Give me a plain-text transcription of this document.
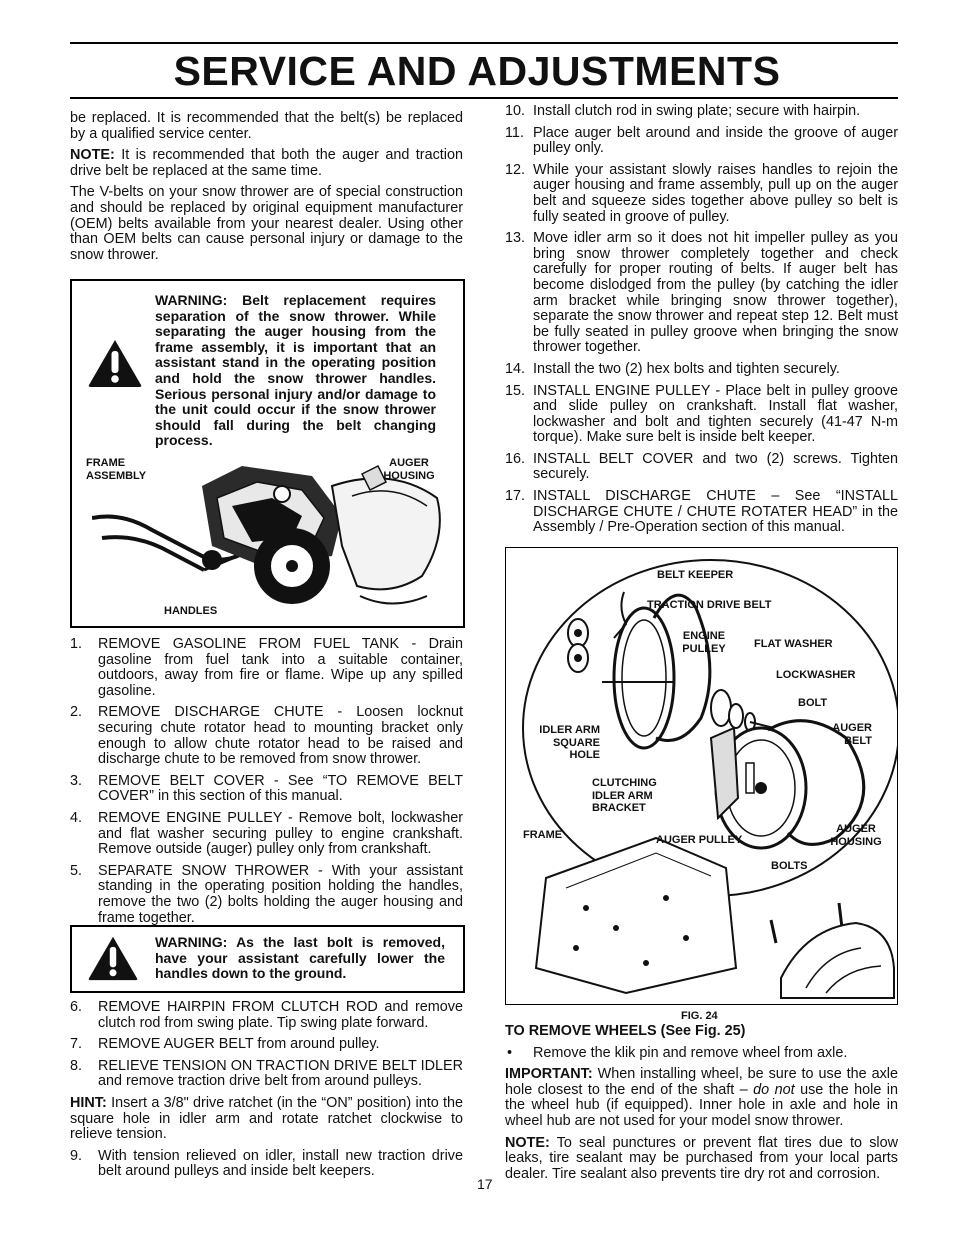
SERVICE AND ADJUSTMENTS

be replaced. It is recommended that the belt(s) be replaced by a qualified service center.

NOTE: It is recommended that both the auger and traction drive belt be replaced at the same time.

The V-belts on your snow thrower are of special construction and should be replaced by original equipment manufacturer (OEM) belts available from your nearest dealer. Using other than OEM belts can cause personal injury or damage to the snow thrower.

WARNING: Belt replacement requires separation of the snow thrower. While separating the auger housing from the frame assembly, it is important that an assistant stand in the operating position and hold the snow thrower handles. Serious personal injury and/or damage to the unit could occur if the snow thrower should fall during the belt changing process.
FRAME ASSEMBLY
AUGER HOUSING
HANDLES
1. REMOVE GASOLINE FROM FUEL TANK - Drain gasoline from fuel tank into a suitable container, outdoors, away from fire or flame. Wipe up any spilled gasoline.
2. REMOVE DISCHARGE CHUTE - Loosen locknut securing chute rotator head to mounting bracket only enough to allow chute rotator head to be raised and discharge chute to be removed from snow thrower.
3. REMOVE BELT COVER - See “TO REMOVE BELT COVER” in this section of this manual.
4. REMOVE ENGINE PULLEY - Remove bolt, lockwasher and flat washer securing pulley to engine crankshaft. Remove outside (auger) pulley only from crankshaft.
5. SEPARATE SNOW THROWER - With your assistant standing in the operating position holding the handles, remove the two (2) bolts holding the auger housing and frame together.
WARNING: As the last bolt is removed, have your assistant carefully lower the handles down to the ground.
6. REMOVE HAIRPIN FROM CLUTCH ROD and remove clutch rod from swing plate. Tip swing plate forward.
7. REMOVE AUGER BELT from around pulley.
8. RELIEVE TENSION ON TRACTION DRIVE BELT IDLER and remove traction drive belt from around pulleys.

HINT: Insert a 3/8" drive ratchet (in the “ON” position) into the square hole in idler arm and rotate ratchet clockwise to relieve tension.

9. With tension relieved on idler, install new traction drive belt around pulleys and inside belt keepers.
10. Install clutch rod in swing plate; secure with hairpin.
11. Place auger belt around and inside the groove of auger pulley only.
12. While your assistant slowly raises handles to rejoin the auger housing and frame assembly, pull up on the auger belt and squeeze sides together above pulley so belt is fully seated in groove of pulley.
13. Move idler arm so it does not hit impeller pulley as you bring snow thrower completely together and check carefully for proper routing of belts. If auger belt has become dislodged from the pulley (by catching the idler arm bracket while bringing snow thrower together), separate the snow thrower and repeat step 12. Belt must be fully seated in pulley groove when bringing the snow thrower together.
14. Install the two (2) hex bolts and tighten securely.
15. INSTALL ENGINE PULLEY - Place belt in pulley groove and slide pulley on crankshaft. Install flat washer, lockwasher and bolt and tighten securely (41-47 N-m torque). Make sure belt is inside belt keeper.
16. INSTALL BELT COVER and two (2) screws. Tighten securely.
17. INSTALL DISCHARGE CHUTE – See “INSTALL DISCHARGE CHUTE / CHUTE ROTATER HEAD” in the Assembly / Pre-Operation section of this manual.
BELT KEEPER
TRACTION DRIVE BELT
ENGINE PULLEY	FLAT WASHER
LOCKWASHER
BOLT
IDLER ARM SQUARE HOLE
AUGER BELT
CLUTCHING IDLER ARM BRACKET
FRAME	AUGER PULLEY
AUGER HOUSING
BOLTS
FIG. 24

TO REMOVE WHEELS (See Fig. 25)

• Remove the klik pin and remove wheel from axle.

IMPORTANT: When installing wheel, be sure to use the axle hole closest to the end of the shaft – do not use the hole in the wheel hub (if equipped). Inner hole in axle and hole in wheel hub are not used for your model snow thrower.

NOTE: To seal punctures or prevent flat tires due to slow leaks, tire sealant may be purchased from your local parts dealer. Tire sealant also prevents tire dry rot and corrosion.

17
